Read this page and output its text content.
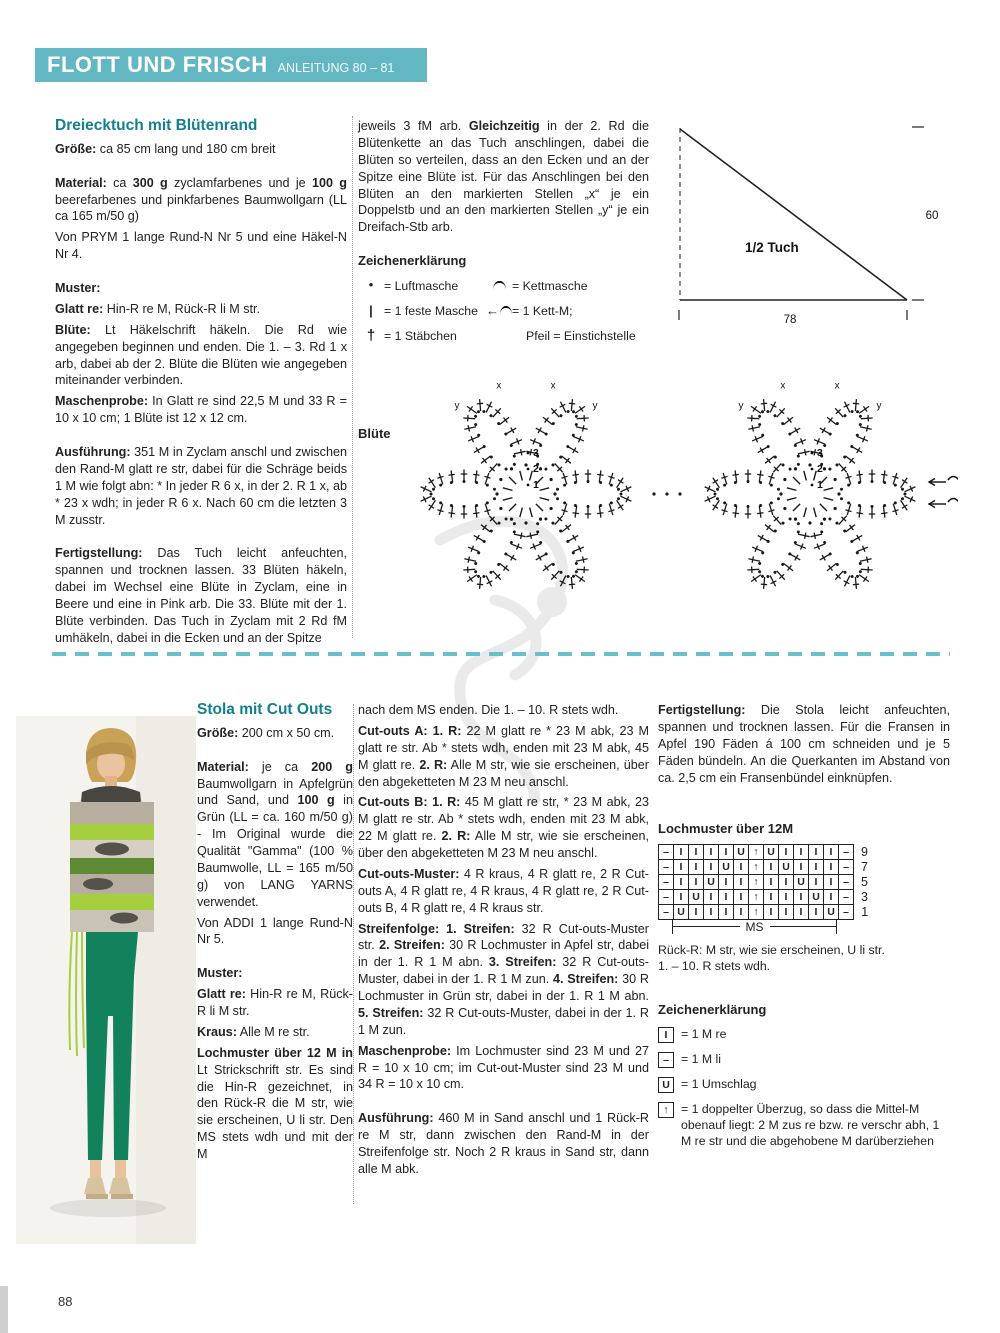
FLOTT UND FRISCH ANLEITUNG 80 – 81
Dreiecktuch mit Blütenrand

Größe: ca 85 cm lang und 180 cm breit

Material: ca 300 g zyclamfarbenes und je 100 g beerefarbenes und pinkfarbenes Baumwollgarn (LL ca 165 m/50 g)

Von PRYM 1 lange Rund-N Nr 5 und eine Häkel-N Nr 4.

Muster:

Glatt re: Hin-R re M, Rück-R li M str.

Blüte: Lt Häkelschrift häkeln. Die Rd wie angegeben beginnen und enden. Die 1. – 3. Rd 1 x arb, dabei ab der 2. Blüte die Blüten wie angegeben miteinander verbinden.

Maschenprobe: In Glatt re sind 22,5 M und 33 R = 10 x 10 cm; 1 Blüte ist 12 x 12 cm.

Ausführung: 351 M in Zyclam anschl und zwischen den Rand-M glatt re str, dabei für die Schräge beids 1 M wie folgt abn: * In jeder R 6 x, in der 2. R 1 x, ab * 23 x wdh; in jeder R 6 x. Nach 60 cm die letzten 3 M zusstr.

Fertigstellung: Das Tuch leicht anfeuchten, spannen und trocknen lassen. 33 Blüten häkeln, dabei im Wechsel eine Blüte in Zyclam, eine in Beere und eine in Pink arb. Die 33. Blüte mit der 1. Blüte verbinden. Das Tuch in Zyclam mit 2 Rd fM umhäkeln, dabei in die Ecken und an der Spitze

jeweils 3 fM arb. Gleichzeitig in der 2. Rd die Blütenkette an das Tuch anschlingen, dabei die Blüten so verteilen, dass an den Ecken und an der Spitze eine Blüte ist. Für das Anschlingen bei den Blüten an den markierten Stellen „x“ je ein Doppelstb und an den markierten Stellen „y“ je ein Dreifach-Stb arb.

Zeichenerklärung
• = Luftmasche
| = 1 feste Masche
† = 1 Stäbchen
= Kettmasche
← = 1 Kett-M;
Pfeil = Einstichstelle
1/2 Tuch
60
78
Blüte
1
2
3
y
x	x
y
1
2
3
y
x	x
y
Stola mit Cut Outs

Größe: 200 cm x 50 cm.

Material: je ca 200 g Baumwollgarn in Apfelgrün und Sand, und 100 g in Grün (LL = ca. 160 m/50 g) - Im Original wurde die Qualität "Gamma" (100 % Baumwolle, LL = 165 m/50 g) von LANG YARNS verwendet.

Von ADDI 1 lange Rund-N Nr 5.

Muster:

Glatt re: Hin-R re M, Rück-R li M str.

Kraus: Alle M re str.

Lochmuster über 12 M in Lt Strickschrift str. Es sind die Hin-R gezeichnet, in den Rück-R die M str, wie sie erscheinen, U li str. Den MS stets wdh und mit der M

nach dem MS enden. Die 1. – 10. R stets wdh.

Cut-outs A: 1. R: 22 M glatt re * 23 M abk, 23 M glatt re str. Ab * stets wdh, enden mit 23 M abk, 45 M glatt re. 2. R: Alle M str, wie sie erscheinen, über den abgeketteten M 23 M neu anschl.

Cut-outs B: 1. R: 45 M glatt re str, * 23 M abk, 23 M glatt re str. Ab * stets wdh, enden mit 23 M abk, 22 M glatt re. 2. R: Alle M str, wie sie erscheinen, über den abgeketteten M 23 M neu anschl.

Cut-outs-Muster: 4 R kraus, 4 R glatt re, 2 R Cut-outs A, 4 R glatt re, 4 R kraus, 4 R glatt re, 2 R Cut-outs B, 4 R glatt re, 4 R kraus str.

Streifenfolge: 1. Streifen: 32 R Cut-outs-Muster str. 2. Streifen: 30 R Lochmuster in Apfel str, dabei in der 1. R 1 M abn. 3. Streifen: 32 R Cut-outs-Muster, dabei in der 1. R 1 M zun. 4. Streifen: 30 R Lochmuster in Grün str, dabei in der 1. R 1 M abn. 5. Streifen: 32 R Cut-outs-Muster, dabei in der 1. R 1 M zun.

Maschenprobe: Im Lochmuster sind 23 M und 27 R = 10 x 10 cm; im Cut-out-Muster sind 23 M und 34 R = 10 x 10 cm.

Ausführung: 460 M in Sand anschl und 1 Rück-R re M str, dann zwischen den Rand-M in der Streifenfolge str. Noch 2 R kraus in Sand str, dann alle M abk.

Fertigstellung: Die Stola leicht anfeuchten, spannen und trocknen lassen. Für die Fransen in Apfel 190 Fäden á 100 cm schneiden und je 5 Fäden bündeln. An die Querkanten im Abstand von ca. 2,5 cm ein Fransenbündel einknüpfen.

Lochmuster über 12M
–	I	I	I	I	U	↑	U	I	I	I	I	–	9
–	I	I	I	U	I	↑	I	U	I	I	I	–	7
–	I	I	U	I	I	↑	I	I	U	I	I	–	5
–	I	U	I	I	I	↑	I	I	I	U	I	–	3
–	U	I	I	I	I	↑	I	I	I	I	U	–	1
MS
Rück-R: M str, wie sie erscheinen, U li str.
1. – 10. R stets wdh.
Zeichenerklärung
I	= 1 M re
– = 1 M li
U = 1 Umschlag
↑	= 1 doppelter Überzug, so dass die Mittel-M obenauf liegt: 2 M zus re bzw. re verschr abh, 1 M re str und die abgehobene M darüberziehen
88
